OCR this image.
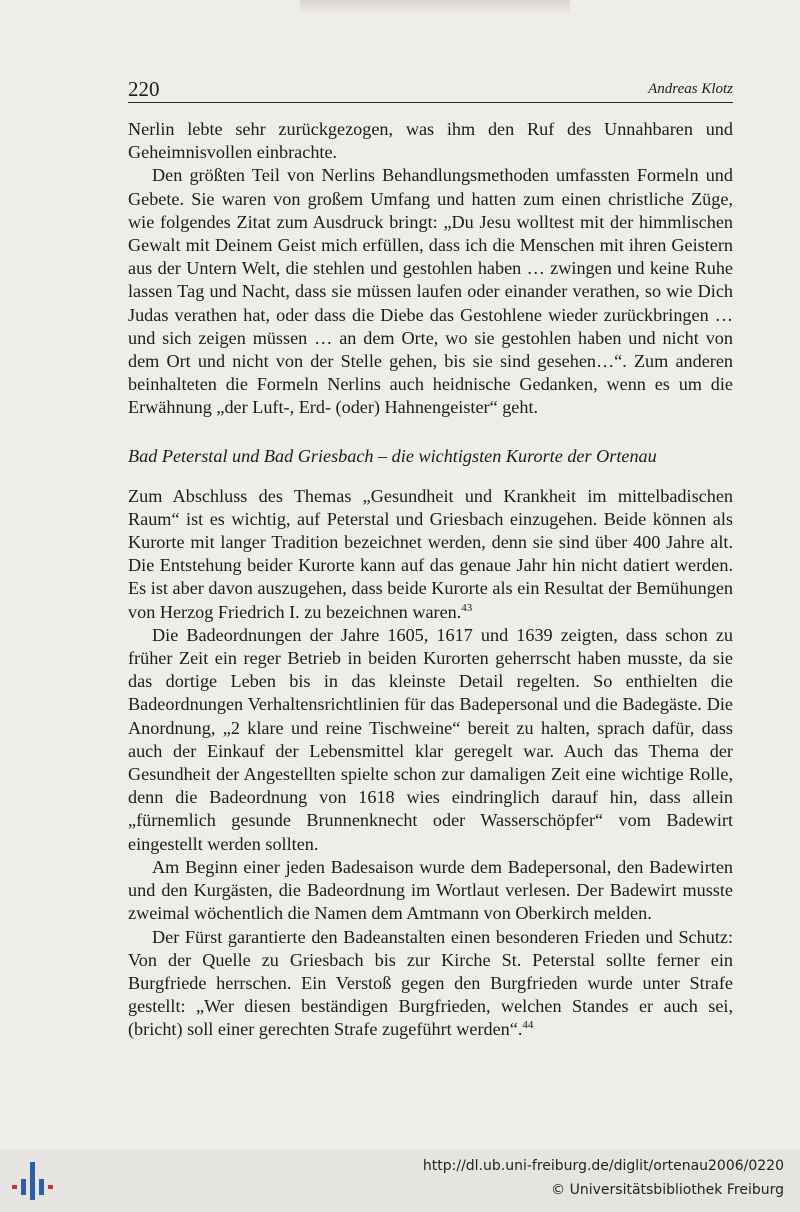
220	Andreas Klotz

Nerlin lebte sehr zurückgezogen, was ihm den Ruf des Unnahbaren und Geheimnisvollen einbrachte.

Den größten Teil von Nerlins Behandlungsmethoden umfassten Formeln und Gebete. Sie waren von großem Umfang und hatten zum einen christliche Züge, wie folgendes Zitat zum Ausdruck bringt: „Du Jesu wolltest mit der himmlischen Gewalt mit Deinem Geist mich erfüllen, dass ich die Menschen mit ihren Geistern aus der Untern Welt, die stehlen und gestohlen haben … zwingen und keine Ruhe lassen Tag und Nacht, dass sie müssen laufen oder einander verathen, so wie Dich Judas verathen hat, oder dass die Diebe das Gestohlene wieder zurückbringen … und sich zeigen müssen … an dem Orte, wo sie gestohlen haben und nicht von dem Ort und nicht von der Stelle gehen, bis sie sind gesehen…“. Zum anderen beinhalteten die Formeln Nerlins auch heidnische Gedanken, wenn es um die Erwähnung „der Luft-, Erd- (oder) Hahnengeister“ geht.

Bad Peterstal und Bad Griesbach – die wichtigsten Kurorte der Ortenau

Zum Abschluss des Themas „Gesundheit und Krankheit im mittelbadischen Raum“ ist es wichtig, auf Peterstal und Griesbach einzugehen. Beide können als Kurorte mit langer Tradition bezeichnet werden, denn sie sind über 400 Jahre alt. Die Entstehung beider Kurorte kann auf das genaue Jahr hin nicht datiert werden. Es ist aber davon auszugehen, dass beide Kurorte als ein Resultat der Bemühungen von Herzog Friedrich I. zu bezeichnen waren.$^{43}$

Die Badeordnungen der Jahre 1605, 1617 und 1639 zeigten, dass schon zu früher Zeit ein reger Betrieb in beiden Kurorten geherrscht haben musste, da sie das dortige Leben bis in das kleinste Detail regelten. So enthielten die Badeordnungen Verhaltensrichtlinien für das Badepersonal und die Badegäste. Die Anordnung, „2 klare und reine Tischweine“ bereit zu halten, sprach dafür, dass auch der Einkauf der Lebensmittel klar geregelt war. Auch das Thema der Gesundheit der Angestellten spielte schon zur damaligen Zeit eine wichtige Rolle, denn die Badeordnung von 1618 wies eindringlich darauf hin, dass allein „fürnemlich gesunde Brunnenknecht oder Wasserschöpfer“ vom Badewirt eingestellt werden sollten.

Am Beginn einer jeden Badesaison wurde dem Badepersonal, den Badewirten und den Kurgästen, die Badeordnung im Wortlaut verlesen. Der Badewirt musste zweimal wöchentlich die Namen dem Amtmann von Oberkirch melden.

Der Fürst garantierte den Badeanstalten einen besonderen Frieden und Schutz: Von der Quelle zu Griesbach bis zur Kirche St. Peterstal sollte ferner ein Burgfriede herrschen. Ein Verstoß gegen den Burgfrieden wurde unter Strafe gestellt: „Wer diesen beständigen Burgfrieden, welchen Standes er auch sei, (bricht) soll einer gerechten Strafe zugeführt werden“.$^{44}$

http://dl.ub.uni-freiburg.de/diglit/ortenau2006/0220
© Universitätsbibliothek Freiburg
